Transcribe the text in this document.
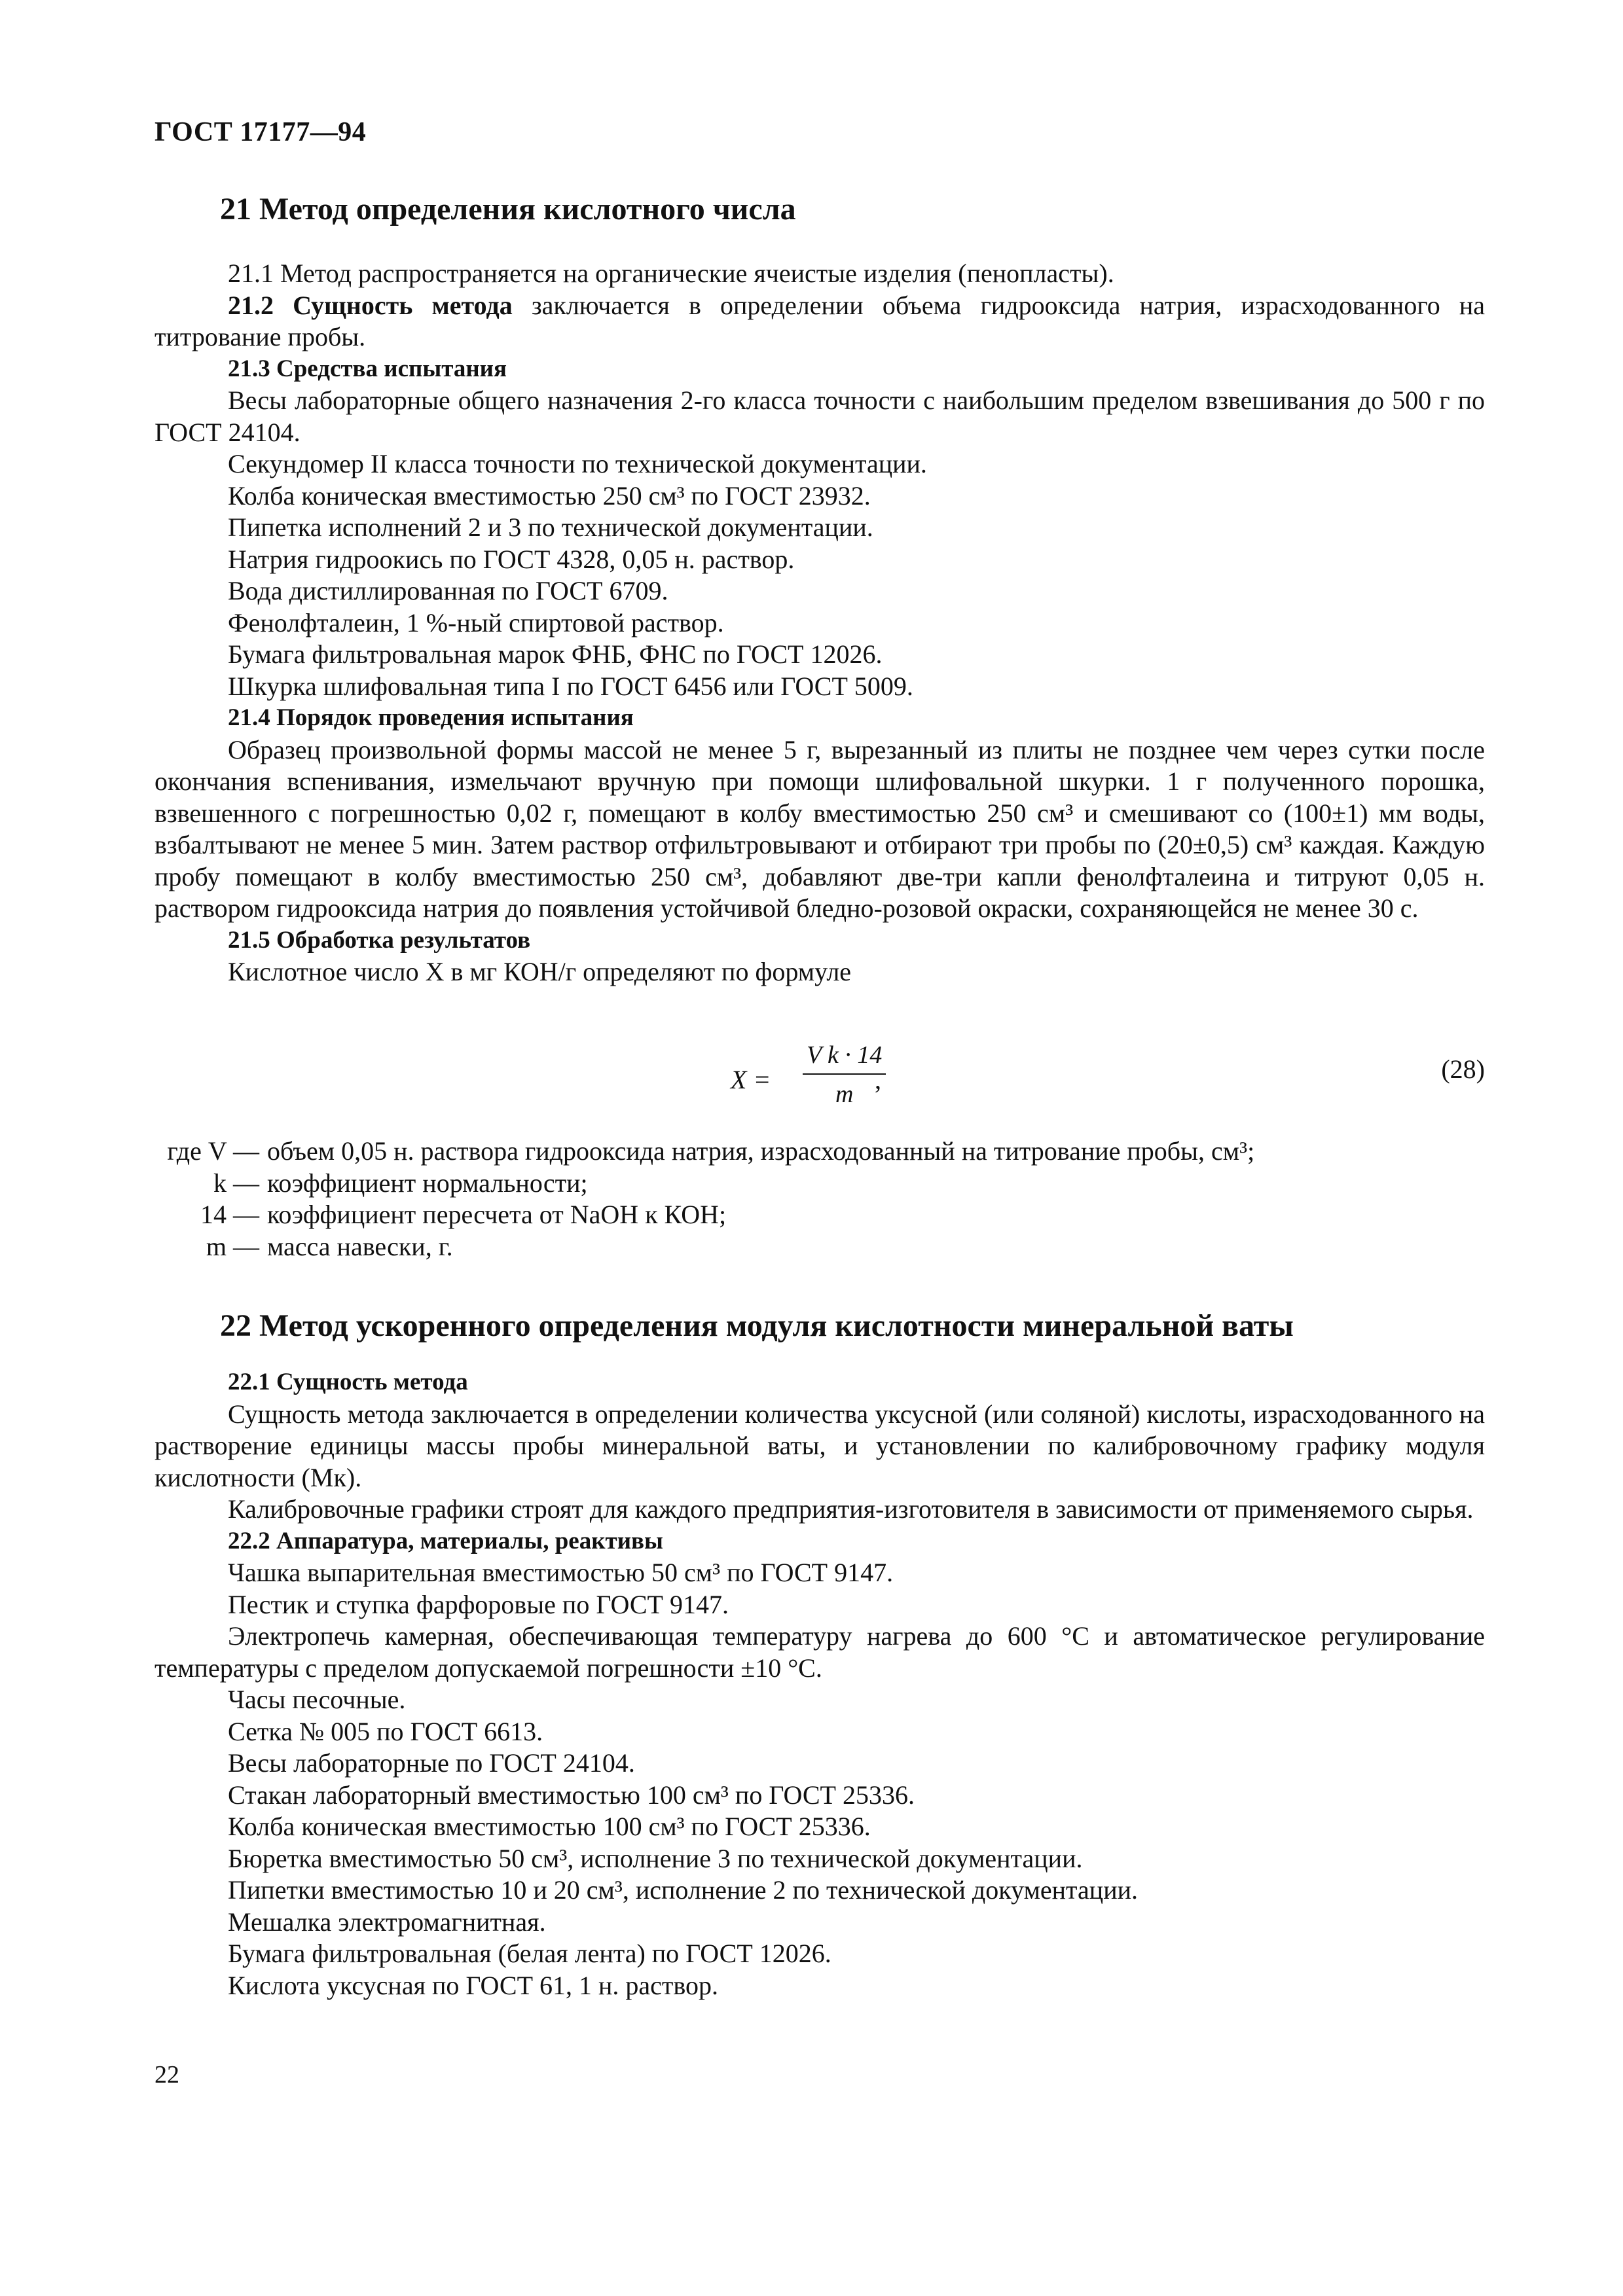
ГОСТ 17177—94
21 Метод определения кислотного числа
21.1 Метод распространяется на органические ячеистые изделия (пенопласты).
21.2 Сущность метода заключается в определении объема гидрооксида натрия, израсходованного на титрование пробы.
21.3 Средства испытания
Весы лабораторные общего назначения 2-го класса точности с наибольшим пределом взвешивания до 500 г по ГОСТ 24104.
Секундомер II класса точности по технической документации.
Колба коническая вместимостью 250 см³ по ГОСТ 23932.
Пипетка исполнений 2 и 3 по технической документации.
Натрия гидроокись по ГОСТ 4328, 0,05 н. раствор.
Вода дистиллированная по ГОСТ 6709.
Фенолфталеин, 1 %-ный спиртовой раствор.
Бумага фильтровальная марок ФНБ, ФНС по ГОСТ 12026.
Шкурка шлифовальная типа I по ГОСТ 6456 или ГОСТ 5009.
21.4 Порядок проведения испытания
Образец произвольной формы массой не менее 5 г, вырезанный из плиты не позднее чем через сутки после окончания вспенивания, измельчают вручную при помощи шлифовальной шкурки. 1 г полученного порошка, взвешенного с погрешностью 0,02 г, помещают в колбу вместимостью 250 см³ и смешивают со (100±1) мм воды, взбалтывают не менее 5 мин. Затем раствор отфильтровывают и отбирают три пробы по (20±0,5) см³ каждая. Каждую пробу помещают в колбу вместимостью 250 см³, добавляют две-три капли фенолфталеина и титруют 0,05 н. раствором гидрооксида натрия до появления устойчивой бледно-розовой окраски, сохраняющейся не менее 30 с.
21.5 Обработка результатов
Кислотное число X в мг КОН/г определяют по формуле
$X = \frac{\text{V k · 14}}{m}$
,	(28)
где V — объем 0,05 н. раствора гидрооксида натрия, израсходованный на титрование пробы, см³;
k — коэффициент нормальности;
14 — коэффициент пересчета от NaOH к КОН;
m — масса навески, г.
22 Метод ускоренного определения модуля кислотности минеральной ваты
22.1 Сущность метода
Сущность метода заключается в определении количества уксусной (или соляной) кислоты, израсходованного на растворение единицы массы пробы минеральной ваты, и установлении по калибровочному графику модуля кислотности (Mк).
Калибровочные графики строят для каждого предприятия-изготовителя в зависимости от применяемого сырья.
22.2 Аппаратура, материалы, реактивы
Чашка выпарительная вместимостью 50 см³ по ГОСТ 9147.
Пестик и ступка фарфоровые по ГОСТ 9147.
Электропечь камерная, обеспечивающая температуру нагрева до 600 °С и автоматическое регулирование температуры с пределом допускаемой погрешности ±10 °С.
Часы песочные.
Сетка № 005 по ГОСТ 6613.
Весы лабораторные по ГОСТ 24104.
Стакан лабораторный вместимостью 100 см³ по ГОСТ 25336.
Колба коническая вместимостью 100 см³ по ГОСТ 25336.
Бюретка вместимостью 50 см³, исполнение 3 по технической документации.
Пипетки вместимостью 10 и 20 см³, исполнение 2 по технической документации.
Мешалка электромагнитная.
Бумага фильтровальная (белая лента) по ГОСТ 12026.
Кислота уксусная по ГОСТ 61, 1 н. раствор.
22
